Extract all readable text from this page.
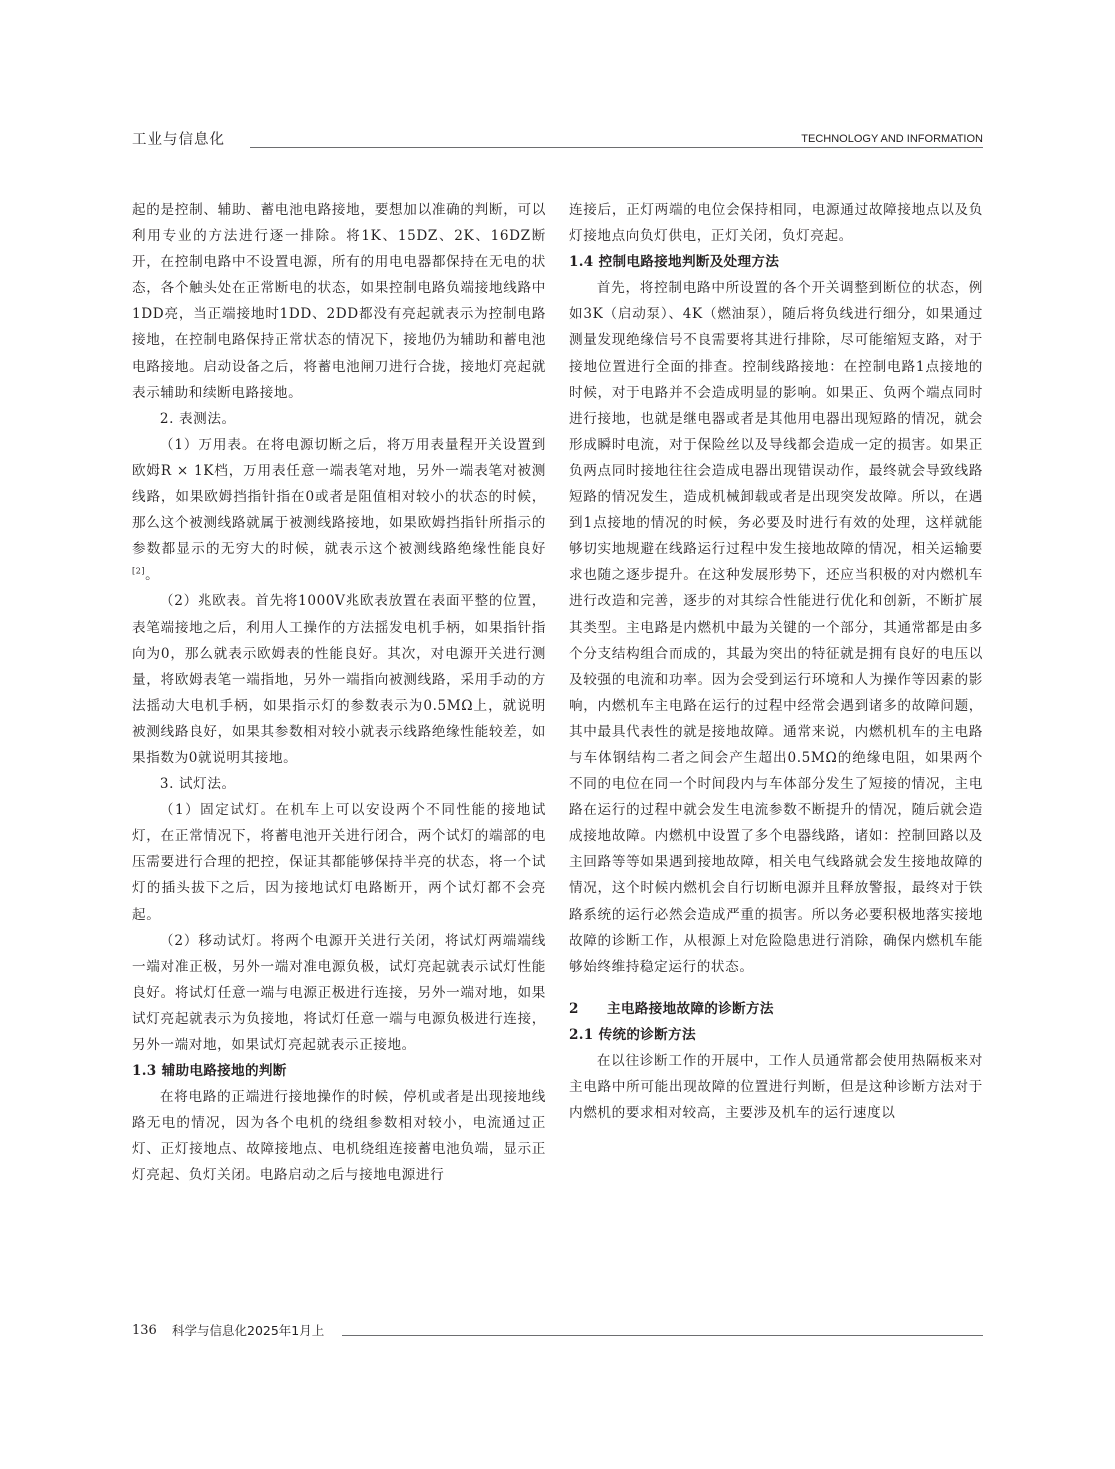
工业与信息化	TECHNOLOGY AND INFORMATION

起的是控制、辅助、蓄电池电路接地，要想加以准确的判断，可以利用专业的方法进行逐一排除。将1K、15DZ、2K、16DZ断开，在控制电路中不设置电源，所有的用电电器都保持在无电的状态，各个触头处在正常断电的状态，如果控制电路负端接地线路中1DD亮，当正端接地时1DD、2DD都没有亮起就表示为控制电路接地，在控制电路保持正常状态的情况下，接地仍为辅助和蓄电池电路接地。启动设备之后，将蓄电池闸刀进行合拢，接地灯亮起就表示辅助和续断电路接地。

2. 表测法。

（1）万用表。在将电源切断之后，将万用表量程开关设置到欧姆R × 1K档，万用表任意一端表笔对地，另外一端表笔对被测线路，如果欧姆挡指针指在0或者是阻值相对较小的状态的时候，那么这个被测线路就属于被测线路接地，如果欧姆挡指针所指示的参数都显示的无穷大的时候，就表示这个被测线路绝缘性能良好[2]。

（2）兆欧表。首先将1000V兆欧表放置在表面平整的位置，表笔端接地之后，利用人工操作的方法摇发电机手柄，如果指针指向为0，那么就表示欧姆表的性能良好。其次，对电源开关进行测量，将欧姆表笔一端指地，另外一端指向被测线路，采用手动的方法摇动大电机手柄，如果指示灯的参数表示为0.5MΩ上，就说明被测线路良好，如果其参数相对较小就表示线路绝缘性能较差，如果指数为0就说明其接地。

3. 试灯法。

（1）固定试灯。在机车上可以安设两个不同性能的接地试灯，在正常情况下，将蓄电池开关进行闭合，两个试灯的端部的电压需要进行合理的把控，保证其都能够保持半亮的状态，将一个试灯的插头拔下之后，因为接地试灯电路断开，两个试灯都不会亮起。

（2）移动试灯。将两个电源开关进行关闭，将试灯两端端线一端对准正极，另外一端对准电源负极，试灯亮起就表示试灯性能良好。将试灯任意一端与电源正极进行连接，另外一端对地，如果试灯亮起就表示为负接地，将试灯任意一端与电源负极进行连接，另外一端对地，如果试灯亮起就表示正接地。

1.3 辅助电路接地的判断

在将电路的正端进行接地操作的时候，停机或者是出现接地线路无电的情况，因为各个电机的绕组参数相对较小，电流通过正灯、正灯接地点、故障接地点、电机绕组连接蓄电池负端，显示正灯亮起、负灯关闭。电路启动之后与接地电源进行

连接后，正灯两端的电位会保持相同，电源通过故障接地点以及负灯接地点向负灯供电，正灯关闭，负灯亮起。

1.4 控制电路接地判断及处理方法

首先，将控制电路中所设置的各个开关调整到断位的状态，例如3K（启动泵）、4K（燃油泵），随后将负线进行细分，如果通过测量发现绝缘信号不良需要将其进行排除，尽可能缩短支路，对于接地位置进行全面的排查。控制线路接地：在控制电路1点接地的时候，对于电路并不会造成明显的影响。如果正、负两个端点同时进行接地，也就是继电器或者是其他用电器出现短路的情况，就会形成瞬时电流，对于保险丝以及导线都会造成一定的损害。如果正负两点同时接地往往会造成电器出现错误动作，最终就会导致线路短路的情况发生，造成机械卸载或者是出现突发故障。所以，在遇到1点接地的情况的时候，务必要及时进行有效的处理，这样就能够切实地规避在线路运行过程中发生接地故障的情况，相关运输要求也随之逐步提升。在这种发展形势下，还应当积极的对内燃机车进行改造和完善，逐步的对其综合性能进行优化和创新，不断扩展其类型。主电路是内燃机中最为关键的一个部分，其通常都是由多个分支结构组合而成的，其最为突出的特征就是拥有良好的电压以及较强的电流和功率。因为会受到运行环境和人为操作等因素的影响，内燃机车主电路在运行的过程中经常会遇到诸多的故障问题，其中最具代表性的就是接地故障。通常来说，内燃机机车的主电路与车体钢结构二者之间会产生超出0.5MΩ的绝缘电阻，如果两个不同的电位在同一个时间段内与车体部分发生了短接的情况，主电路在运行的过程中就会发生电流参数不断提升的情况，随后就会造成接地故障。内燃机中设置了多个电器线路，诸如：控制回路以及主回路等等如果遇到接地故障，相关电气线路就会发生接地故障的情况，这个时候内燃机会自行切断电源并且释放警报，最终对于铁路系统的运行必然会造成严重的损害。所以务必要积极地落实接地故障的诊断工作，从根源上对危险隐患进行消除，确保内燃机车能够始终维持稳定运行的状态。

2 主电路接地故障的诊断方法
2.1 传统的诊断方法

在以往诊断工作的开展中，工作人员通常都会使用热隔板来对主电路中所可能出现故障的位置进行判断，但是这种诊断方法对于内燃机的要求相对较高，主要涉及机车的运行速度以

136 科学与信息化2025年1月上
